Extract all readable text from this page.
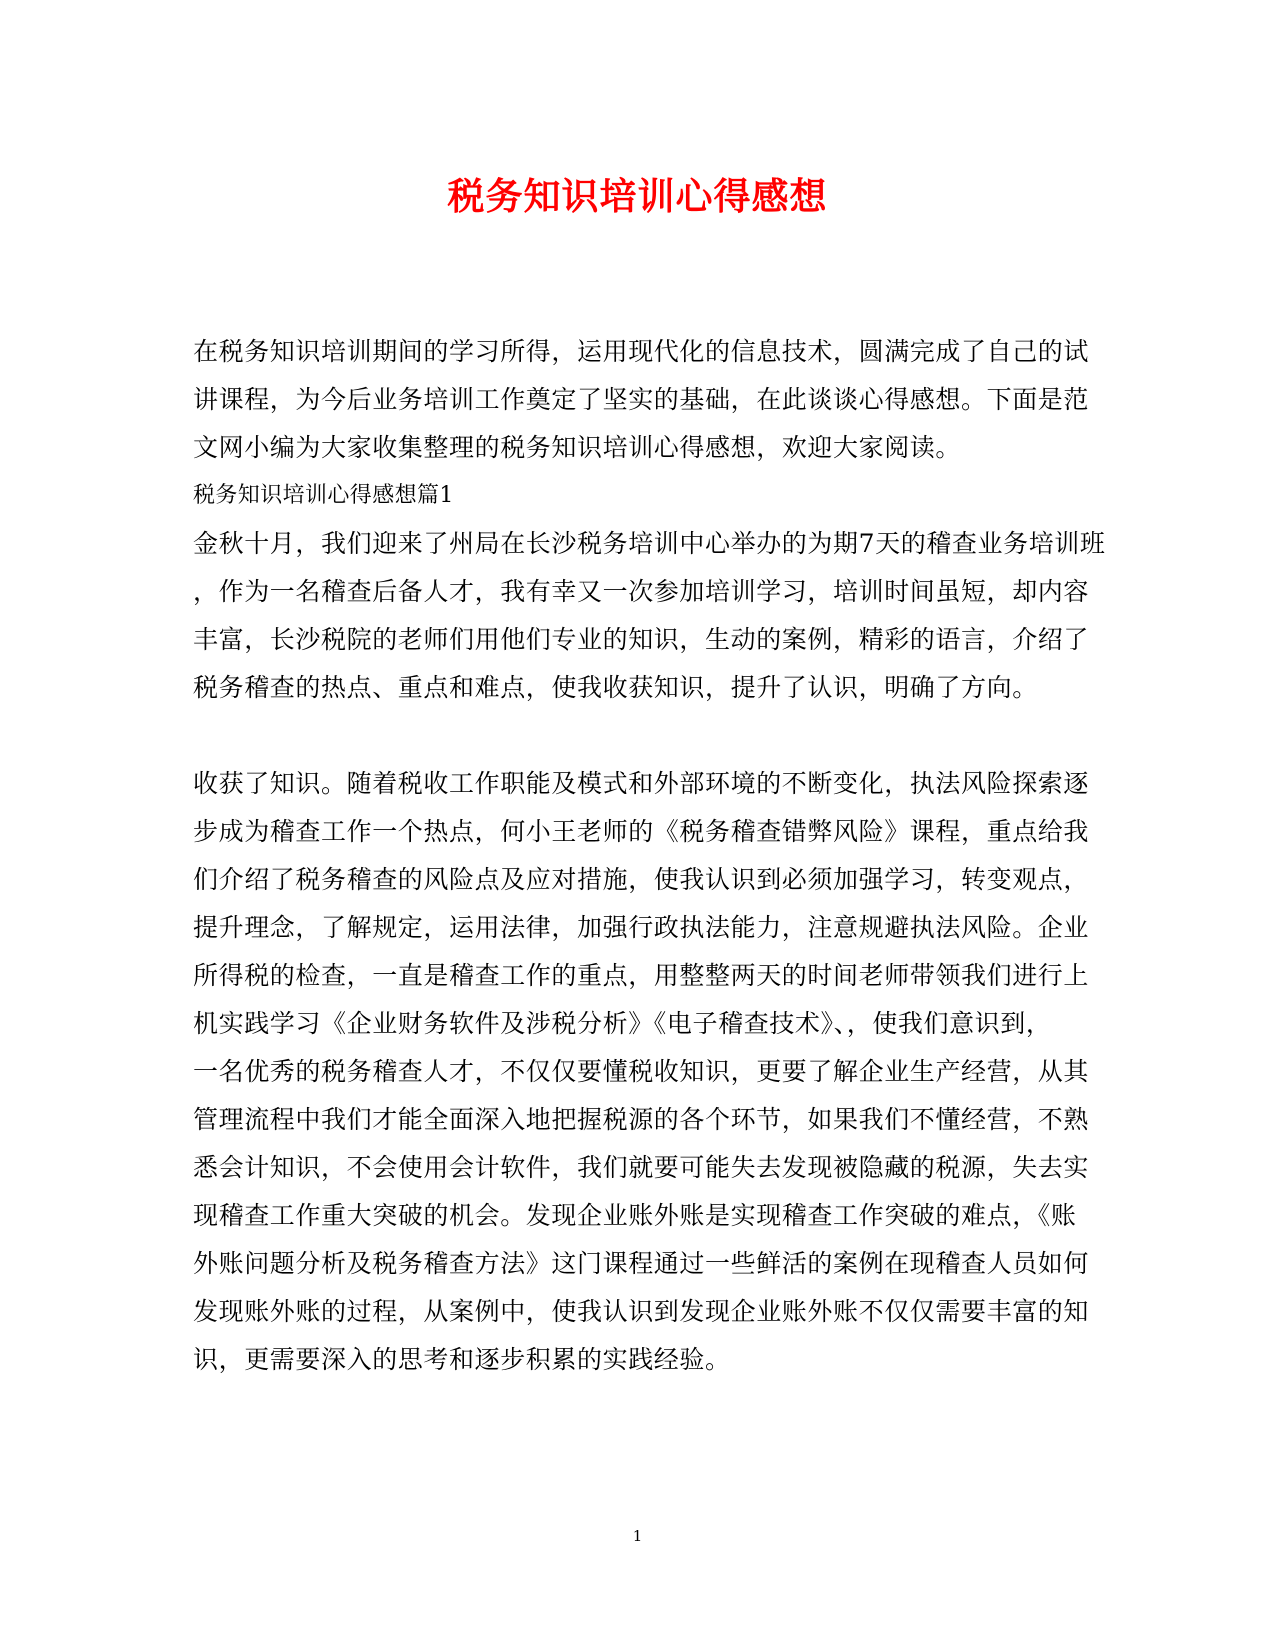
税务知识培训心得感想
在税务知识培训期间的学习所得，运用现代化的信息技术，圆满完成了自己的试
讲课程，为今后业务培训工作奠定了坚实的基础，在此谈谈心得感想。下面是范
文网小编为大家收集整理的税务知识培训心得感想，欢迎大家阅读。
税务知识培训心得感想篇1
金秋十月，我们迎来了州局在长沙税务培训中心举办的为期7天的稽查业务培训班
，作为一名稽查后备人才，我有幸又一次参加培训学习，培训时间虽短，却内容
丰富，长沙税院的老师们用他们专业的知识，生动的案例，精彩的语言，介绍了
税务稽查的热点、重点和难点，使我收获知识，提升了认识，明确了方向。
收获了知识。随着税收工作职能及模式和外部环境的不断变化，执法风险探索逐
步成为稽查工作一个热点，何小王老师的《税务稽查错弊风险》课程，重点给我
们介绍了税务稽查的风险点及应对措施，使我认识到必须加强学习，转变观点，
提升理念，了解规定，运用法律，加强行政执法能力，注意规避执法风险。企业
所得税的检查，一直是稽查工作的重点，用整整两天的时间老师带领我们进行上
机实践学习《企业财务软件及涉税分析》《电子稽查技术》、，使我们意识到，
一名优秀的税务稽查人才，不仅仅要懂税收知识，更要了解企业生产经营，从其
管理流程中我们才能全面深入地把握税源的各个环节，如果我们不懂经营，不熟
悉会计知识，不会使用会计软件，我们就要可能失去发现被隐藏的税源，失去实
现稽查工作重大突破的机会。发现企业账外账是实现稽查工作突破的难点，《账
外账问题分析及税务稽查方法》这门课程通过一些鲜活的案例在现稽查人员如何
发现账外账的过程，从案例中，使我认识到发现企业账外账不仅仅需要丰富的知
识，更需要深入的思考和逐步积累的实践经验。
1
